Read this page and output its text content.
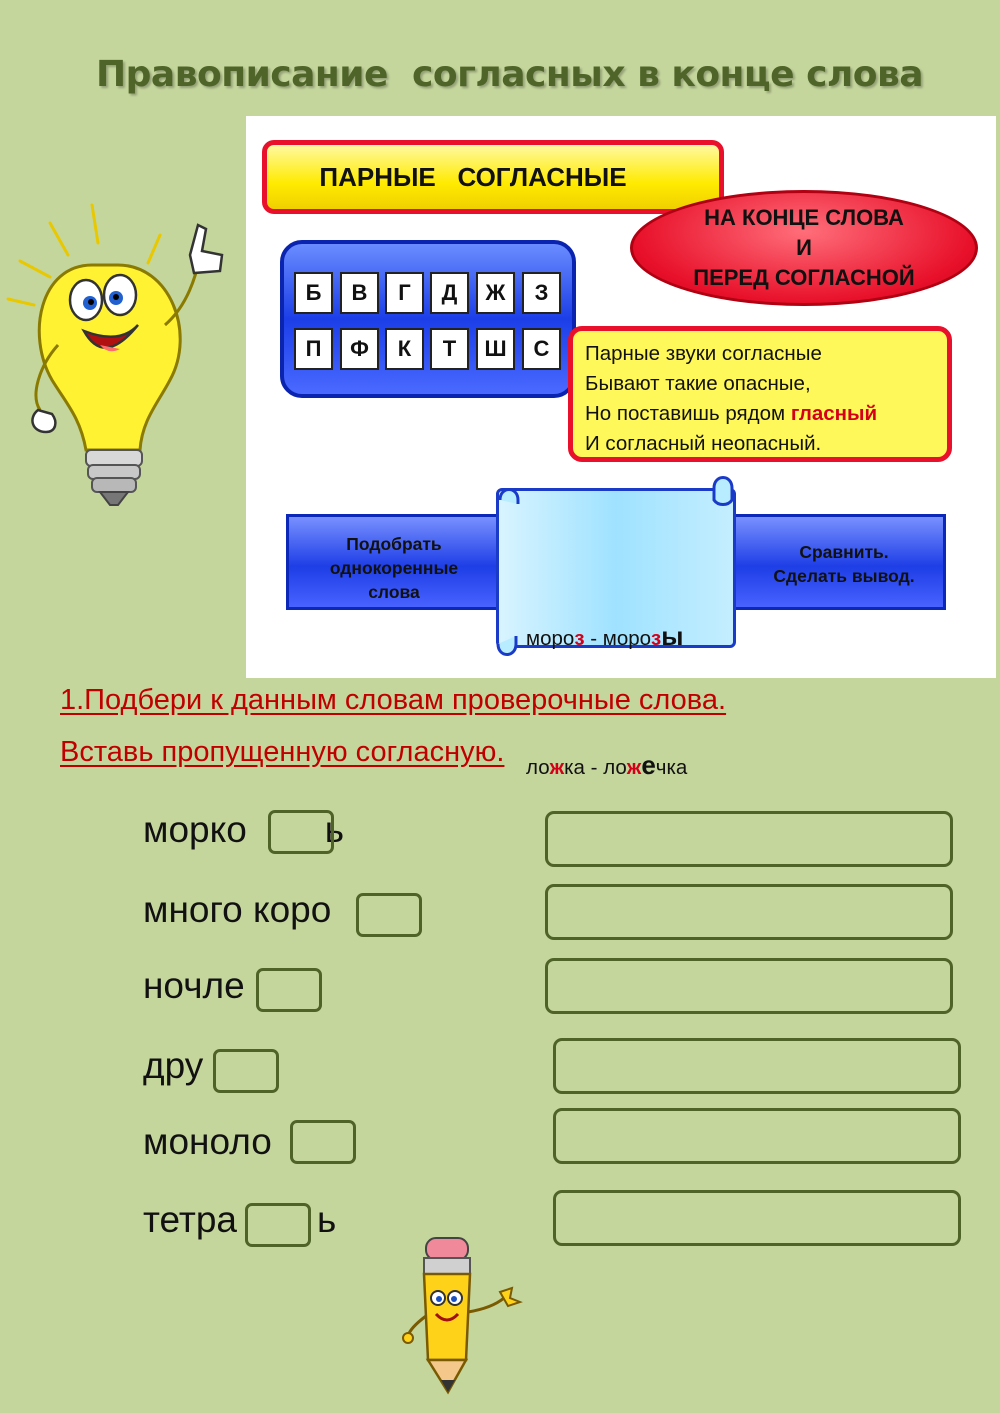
Правописание  согласных в конце слова
ПАРНЫЕ   СОГЛАСНЫЕ
НА КОНЦЕ СЛОВА
И
ПЕРЕД СОГЛАСНОЙ
Б	В	Г	Д	Ж	З
П	Ф	К	Т	Ш	С	Парные звуки согласные
Бывают такие опасные,
Но поставишь рядом гласный
И согласный неопасный.
Подобрать
однокоренные
слова
Сравнить.
Сделать вывод.

мороз - морозы

ложка - ложечка

1.Подбери к данным словам проверочные слова.

Вставь пропущенную согласную.

морко ь
много коро
ночле
дру
моноло
тетра ь
